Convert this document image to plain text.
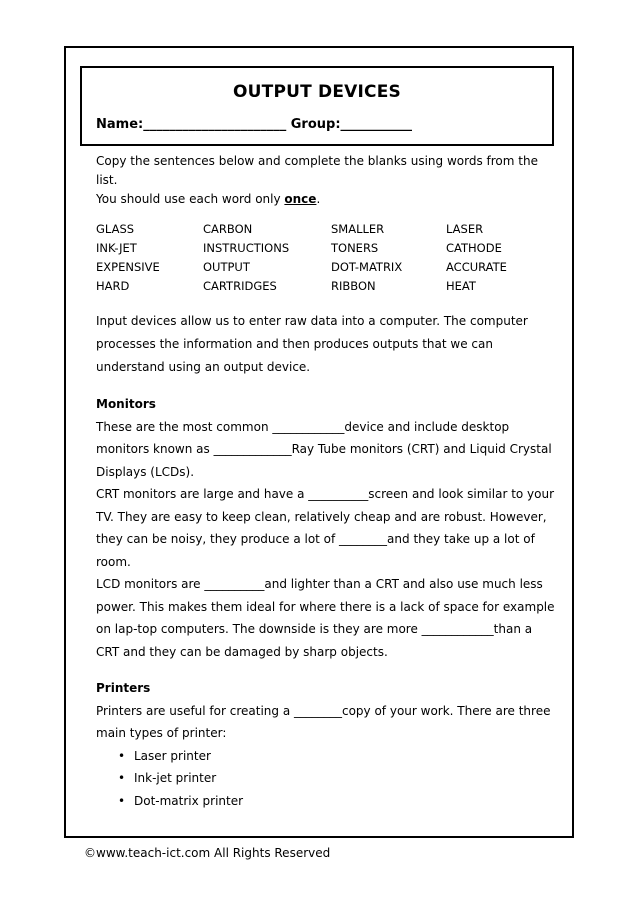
OUTPUT DEVICES
Name:______________________ Group:___________

Copy the sentences below and complete the blanks using words from the list.
You should use each word only once.

GLASS	CARBON	SMALLER	LASER
INK-JET	INSTRUCTIONS	TONERS	CATHODE
EXPENSIVE	OUTPUT	DOT-MATRIX	ACCURATE
HARD	CARTRIDGES	RIBBON	HEAT

Input devices allow us to enter raw data into a computer. The computer processes the information and then produces outputs that we can understand using an output device.

Monitors
These are the most common ____________device and include desktop monitors known as _____________Ray Tube monitors (CRT) and Liquid Crystal Displays (LCDs).
CRT monitors are large and have a __________screen and look similar to your TV. They are easy to keep clean, relatively cheap and are robust. However, they can be noisy, they produce a lot of ________and they take up a lot of room.
LCD monitors are __________and lighter than a CRT and also use much less power. This makes them ideal for where there is a lack of space for example on lap-top computers. The downside is they are more ____________than a CRT and they can be damaged by sharp objects.
Printers
Printers are useful for creating a ________copy of your work. There are three main types of printer:
• Laser printer
• Ink-jet printer
• Dot-matrix printer
©www.teach-ict.com All Rights Reserved
